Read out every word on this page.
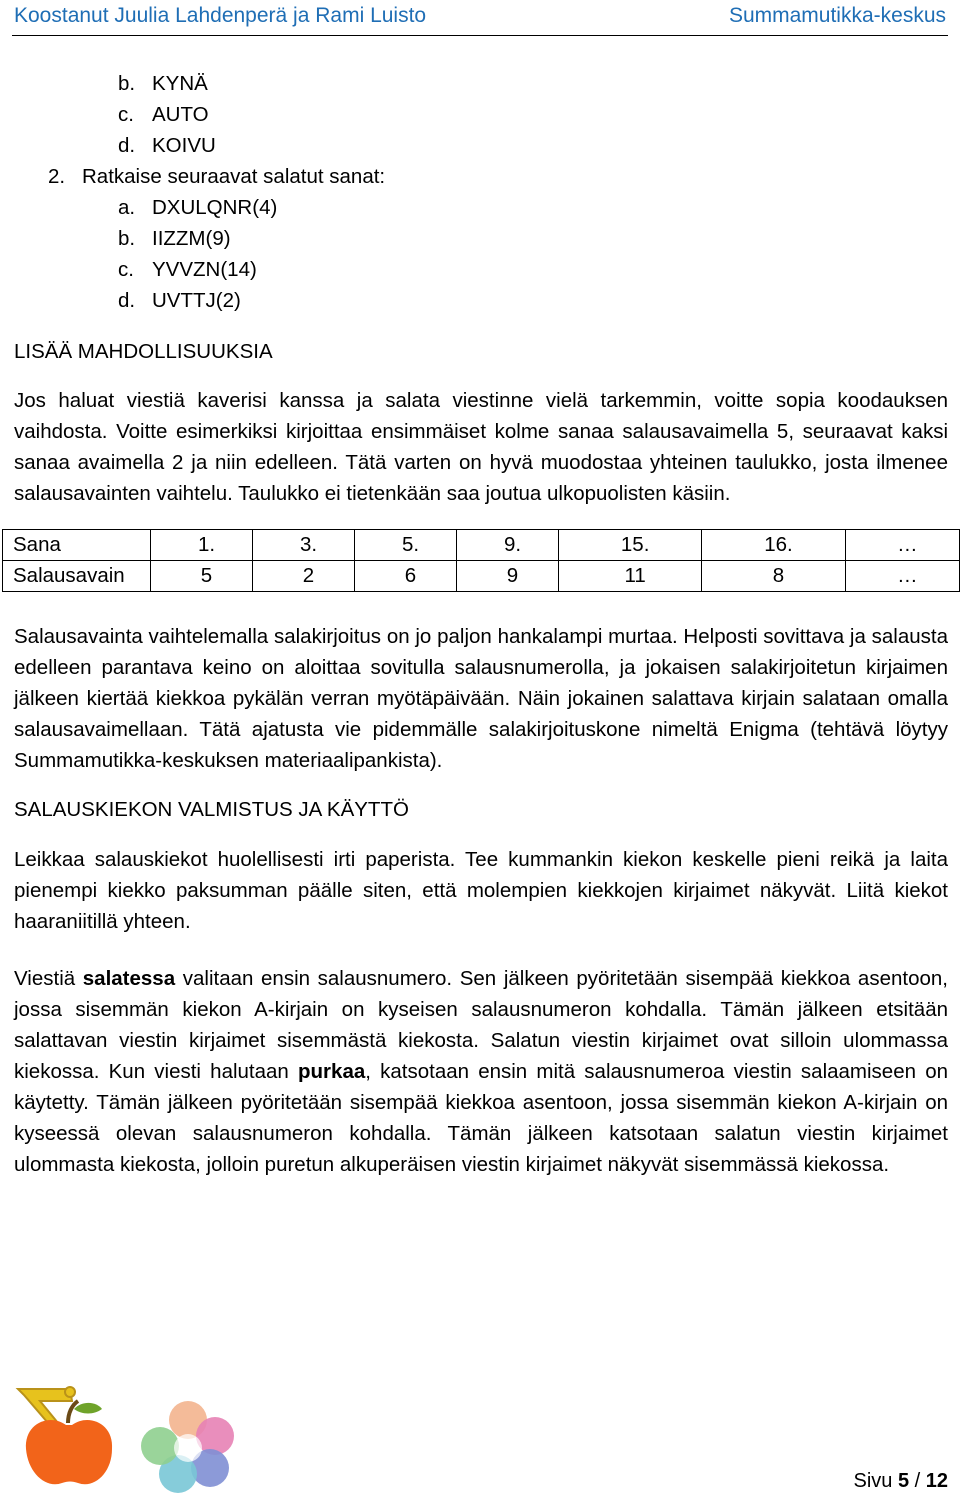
Koostanut Juulia Lahdenperä ja Rami Luisto	Summamutikka-keskus
b. KYNÄ
c. AUTO
d. KOIVU
2. Ratkaise seuraavat salatut sanat:
a. DXULQNR(4)
b. IIZZM(9)
c. YVVZN(14)
d. UVTTJ(2)

LISÄÄ MAHDOLLISUUKSIA

Jos haluat viestiä kaverisi kanssa ja salata viestinne vielä tarkemmin, voitte sopia koodauksen vaihdosta. Voitte esimerkiksi kirjoittaa ensimmäiset kolme sanaa salausavaimella 5, seuraavat kaksi sanaa avaimella 2 ja niin edelleen. Tätä varten on hyvä muodostaa yhteinen taulukko, josta ilmenee salausavainten vaihtelu. Taulukko ei tietenkään saa joutua ulkopuolisten käsiin.

Sana	1.	3.	5.	9.	15.	16.	…
Salausavain	5	2	6	9	11	8	…

Salausavainta vaihtelemalla salakirjoitus on jo paljon hankalampi murtaa. Helposti sovittava ja salausta edelleen parantava keino on aloittaa sovitulla salausnumerolla, ja jokaisen salakirjoitetun kirjaimen jälkeen kiertää kiekkoa pykälän verran myötäpäivään. Näin jokainen salattava kirjain salataan omalla salausavaimellaan. Tätä ajatusta vie pidemmälle salakirjoituskone nimeltä Enigma (tehtävä löytyy Summamutikka-keskuksen materiaalipankista).

SALAUSKIEKON VALMISTUS JA KÄYTTÖ

Leikkaa salauskiekot huolellisesti irti paperista. Tee kummankin kiekon keskelle pieni reikä ja laita pienempi kiekko paksumman päälle siten, että molempien kiekkojen kirjaimet näkyvät. Liitä kiekot haaraniitillä yhteen.

Viestiä salatessa valitaan ensin salausnumero. Sen jälkeen pyöritetään sisempää kiekkoa asentoon, jossa sisemmän kiekon A-kirjain on kyseisen salausnumeron kohdalla. Tämän jälkeen etsitään salattavan viestin kirjaimet sisemmästä kiekosta. Salatun viestin kirjaimet ovat silloin ulommassa kiekossa. Kun viesti halutaan purkaa, katsotaan ensin mitä salausnumeroa viestin salaamiseen on käytetty. Tämän jälkeen pyöritetään sisempää kiekkoa asentoon, jossa sisemmän kiekon A-kirjain on kyseessä olevan salausnumeron kohdalla. Tämän jälkeen katsotaan salatun viestin kirjaimet ulommasta kiekosta, jolloin puretun alkuperäisen viestin kirjaimet näkyvät sisemmässä kiekossa.

Sivu 5 / 12
